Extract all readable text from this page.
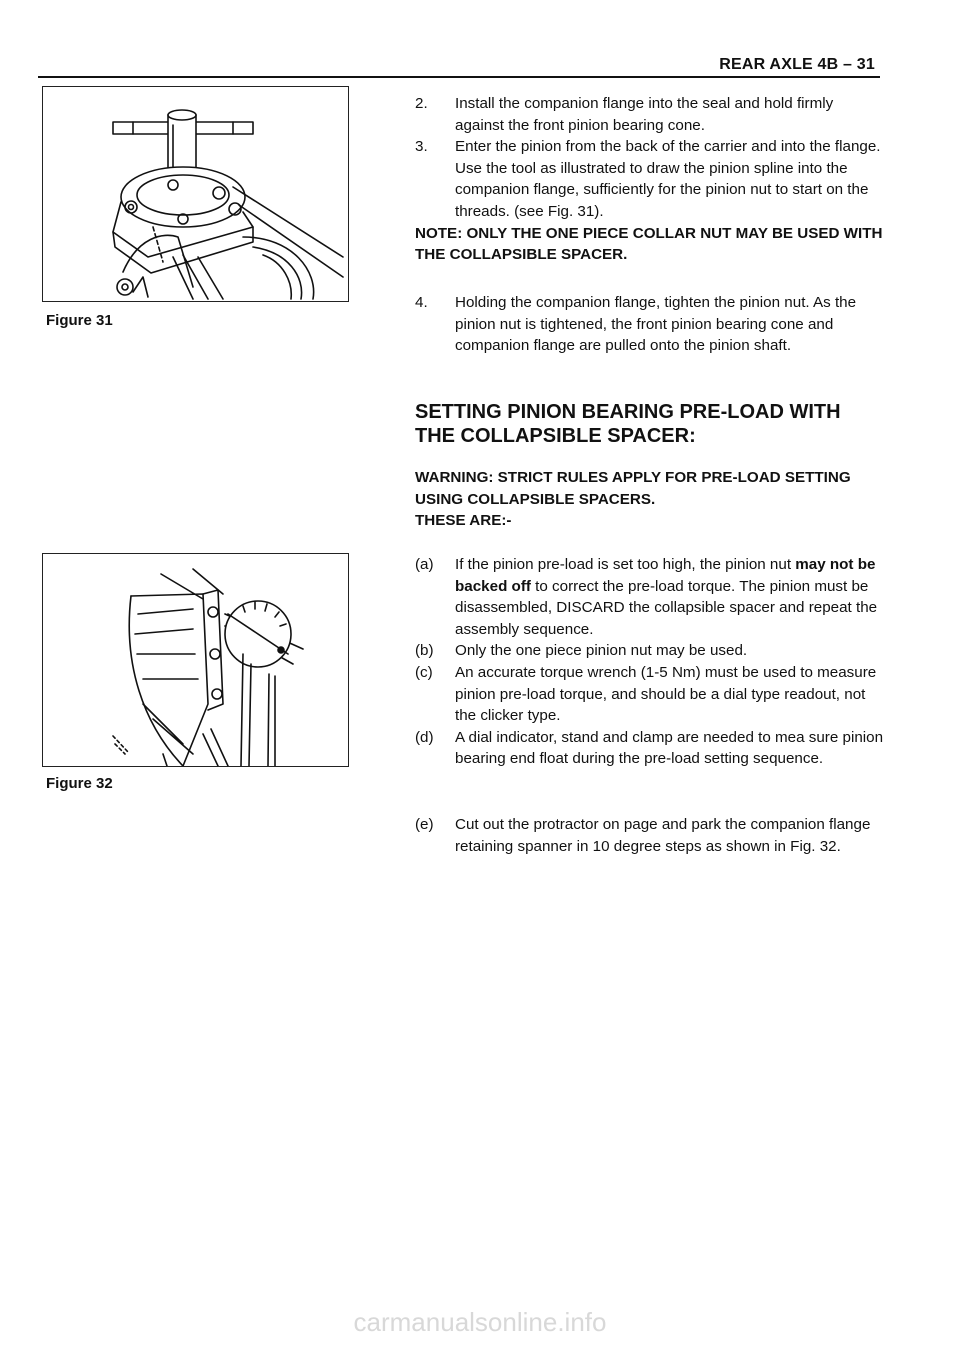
REAR AXLE 4B – 31
Figure 31
Figure 32
2.	Install the companion flange into the seal and hold firmly against the front pinion bearing cone.
3.	Enter the pinion from the back of the carrier and into the flange. Use the tool as illustrated to draw the pinion spline into the companion flange, sufficiently for the pinion nut to start on the threads. (see Fig. 31).
NOTE: ONLY THE ONE PIECE COLLAR NUT MAY BE USED WITH THE COLLAPSIBLE SPACER.
4.	Holding the companion flange, tighten the pinion nut. As the pinion nut is tightened, the front pinion bearing cone and companion flange are pulled onto the pinion shaft.
SETTING PINION BEARING PRE-LOAD WITH THE COLLAPSIBLE SPACER:
WARNING: STRICT RULES APPLY FOR PRE-LOAD SETTING USING COLLAPSIBLE SPACERS.
THESE ARE:-
(a)	If the pinion pre-load is set too high, the pinion nut may not be backed off to correct the pre-load torque. The pinion must be disassembled, DISCARD the collapsible spacer and repeat the assembly sequence.
(b)	Only the one piece pinion nut may be used.
(c)	An accurate torque wrench (1-5 Nm) must be used to measure pinion pre-load torque, and should be a dial type readout, not the clicker type.
(d)	A dial indicator, stand and clamp are needed to mea sure pinion bearing end float during the pre-load setting sequence.
(e)	Cut out the protractor on page and park the companion flange retaining spanner in 10 degree steps as shown in Fig. 32.
carmanualsonline.info
